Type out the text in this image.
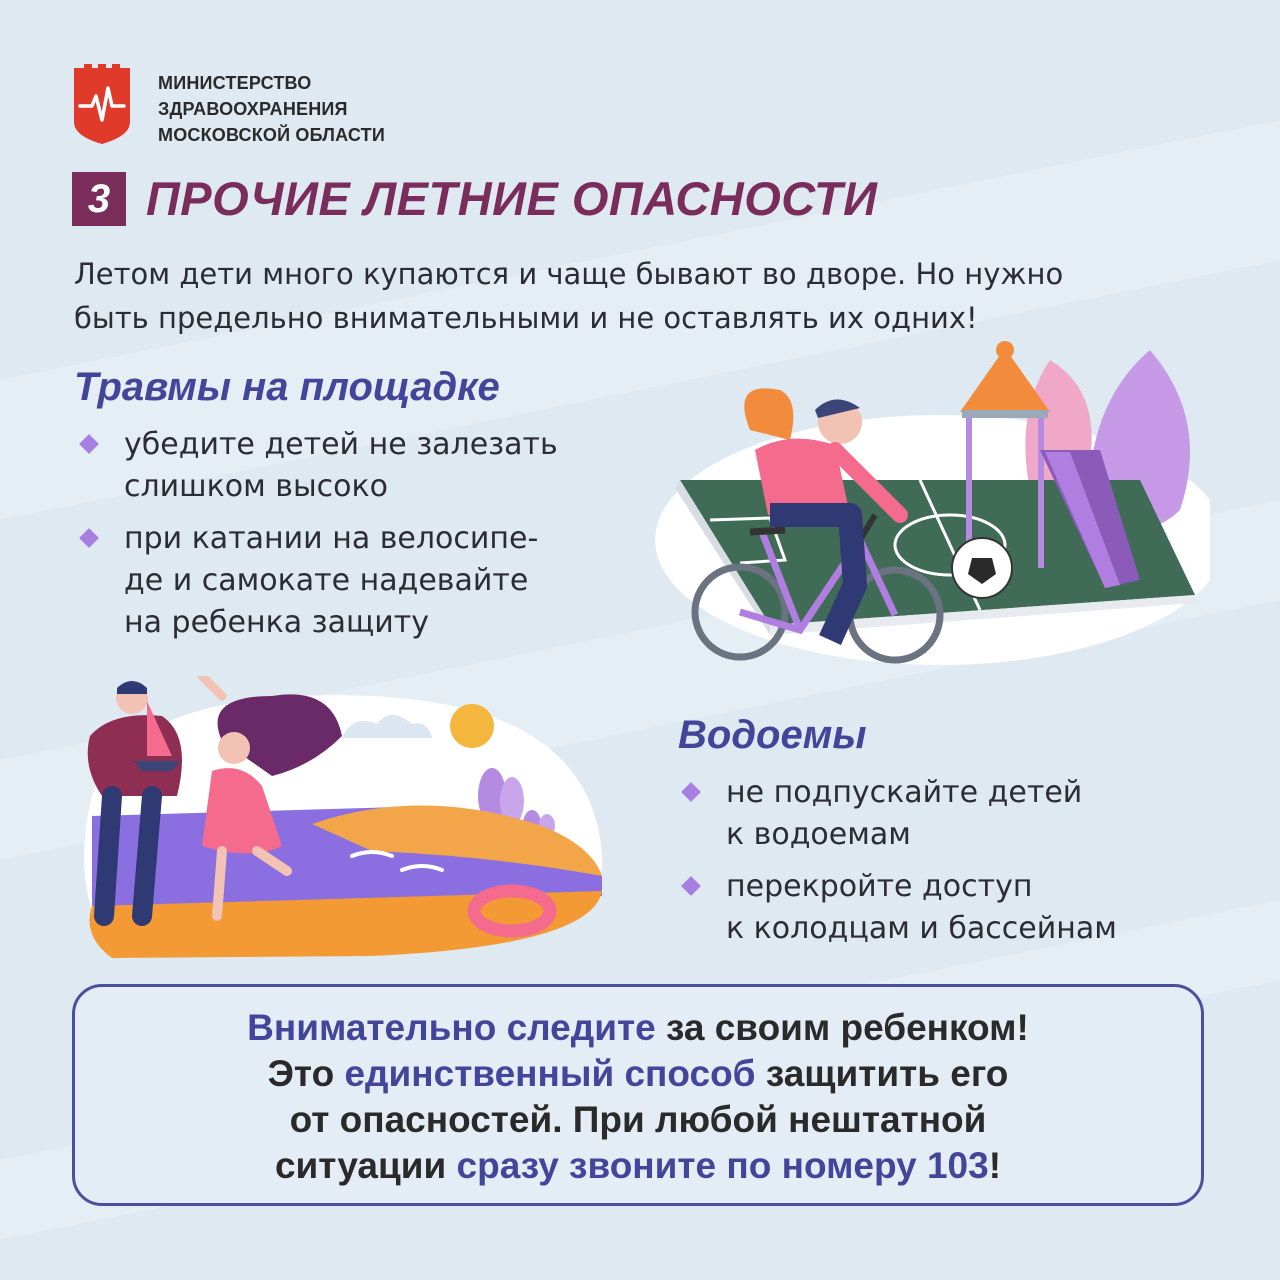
МИНИСТЕРСТВО
ЗДРАВООХРАНЕНИЯ
МОСКОВСКОЙ ОБЛАСТИ
3 ПРОЧИЕ ЛЕТНИЕ ОПАСНОСТИ
Летом дети много купаются и чаще бывают во дворе. Но нужно
быть предельно внимательными и не оставлять их одних!
Травмы на площадке
убедите детей не залезать
слишком высоко
при катании на велосипе-
де и самокате надевайте
на ребенка защиту
Водоемы
не подпускайте детей
к водоемам
перекройте доступ
к колодцам и бассейнам
Внимательно следите за своим ребенком!
Это единственный способ защитить его
от опасностей. При любой нештатной
ситуации сразу звоните по номеру 103!
